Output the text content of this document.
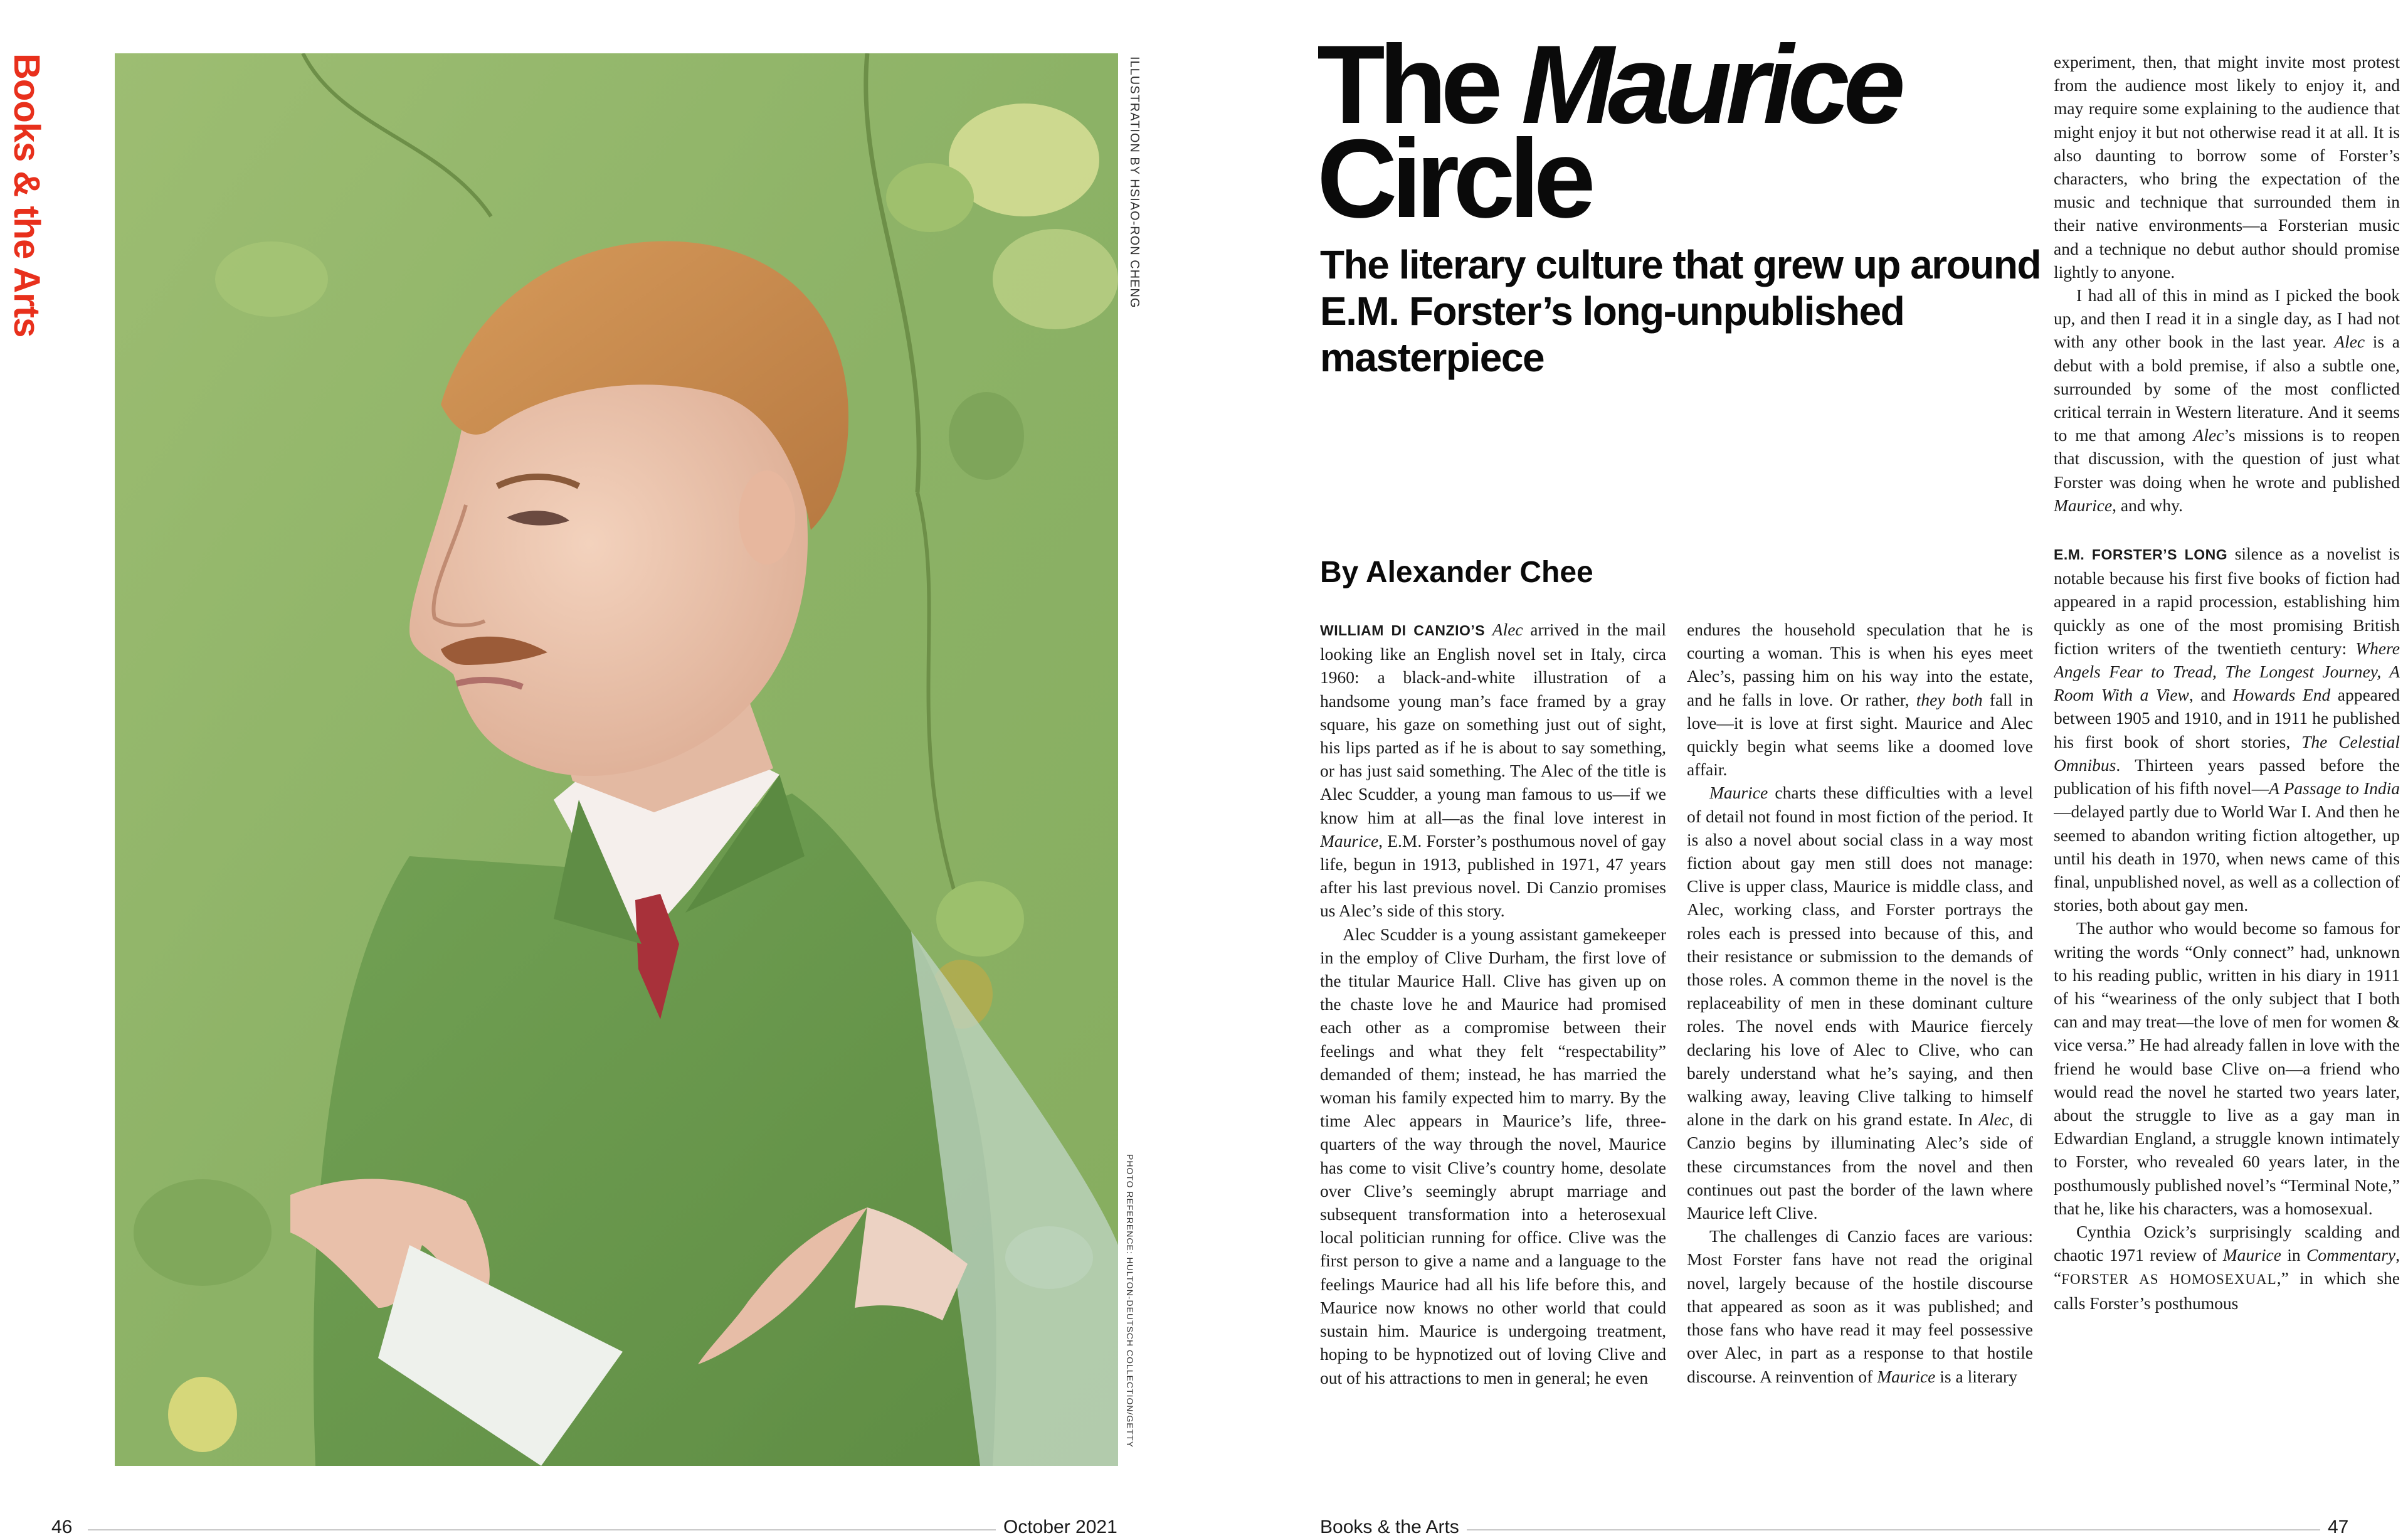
Books & the Arts	ILLUSTRATION BY HSIAO-RON CHENG
PHOTO REFERENCE: HULTON-DEUTSCH COLLECTION/GETTY
The Maurice
Circle
The literary culture that grew up around E.M. Forster’s long-unpublished masterpiece
By Alexander Chee

WILLIAM DI CANZIO’S Alec arrived in the mail looking like an English novel set in Italy, circa 1960: a black-and-white illustration of a handsome young man’s face framed by a gray square, his gaze on something just out of sight, his lips parted as if he is about to say something, or has just said something. The Alec of the title is Alec Scudder, a young man famous to us—if we know him at all—as the final love interest in Maurice, E.M. Forster’s posthumous novel of gay life, begun in 1913, published in 1971, 47 years after his last previous novel. Di Canzio promises us Alec’s side of this story.

Alec Scudder is a young assistant gamekeeper in the employ of Clive Durham, the first love of the titular Maurice Hall. Clive has given up on the chaste love he and Maurice had promised each other as a compromise between their feelings and what they felt “respectability” demanded of them; instead, he has married the woman his family expected him to marry. By the time Alec appears in Maurice’s life, three-quarters of the way through the novel, Maurice has come to visit Clive’s country home, desolate over Clive’s seemingly abrupt marriage and subsequent transformation into a heterosexual local politician running for office. Clive was the first person to give a name and a language to the feelings Maurice had all his life before this, and Maurice now knows no other world that could sustain him. Maurice is undergoing treatment, hoping to be hypnotized out of loving Clive and out of his attractions to men in general; he even

endures the household speculation that he is courting a woman. This is when his eyes meet Alec’s, passing him on his way into the estate, and he falls in love. Or rather, they both fall in love—it is love at first sight. Maurice and Alec quickly begin what seems like a doomed love affair.

Maurice charts these difficulties with a level of detail not found in most fiction of the period. It is also a novel about social class in a way most fiction about gay men still does not manage: Clive is upper class, Maurice is middle class, and Alec, working class, and Forster portrays the roles each is pressed into because of this, and their resistance or submission to the demands of those roles. A common theme in the novel is the replaceability of men in these dominant culture roles. The novel ends with Maurice fiercely declaring his love of Alec to Clive, who can barely understand what he’s saying, and then walking away, leaving Clive talking to himself alone in the dark on his grand estate. In Alec, di Canzio begins by illuminating Alec’s side of these circumstances from the novel and then continues out past the border of the lawn where Maurice left Clive.

The challenges di Canzio faces are various: Most Forster fans have not read the original novel, largely because of the hostile discourse that appeared as soon as it was published; and those fans who have read it may feel possessive over Alec, in part as a response to that hostile discourse. A reinvention of Maurice is a literary

experiment, then, that might invite most protest from the audience most likely to enjoy it, and may require some explaining to the audience that might enjoy it but not otherwise read it at all. It is also daunting to borrow some of Forster’s characters, who bring the expectation of the music and technique that surrounded them in their native environments—a Forsterian music and a technique no debut author should promise lightly to anyone.

I had all of this in mind as I picked the book up, and then I read it in a single day, as I had not with any other book in the last year. Alec is a debut with a bold premise, if also a subtle one, surrounded by some of the most conflicted critical terrain in Western literature. And it seems to me that among Alec’s missions is to reopen that discussion, with the question of just what Forster was doing when he wrote and published Maurice, and why.

E.M. FORSTER’S LONG silence as a novelist is notable because his first five books of fiction had appeared in a rapid procession, establishing him quickly as one of the most promising British fiction writers of the twentieth century: Where Angels Fear to Tread, The Longest Journey, A Room With a View, and Howards End appeared between 1905 and 1910, and in 1911 he published his first book of short stories, The Celestial Omnibus. Thirteen years passed before the publication of his fifth novel—A Passage to India—delayed partly due to World War I. And then he seemed to abandon writing fiction altogether, up until his death in 1970, when news came of this final, unpublished novel, as well as a collection of stories, both about gay men.

The author who would become so famous for writing the words “Only connect” had, unknown to his reading public, written in his diary in 1911 of his “weariness of the only subject that I both can and may treat—the love of men for women & vice versa.” He had already fallen in love with the friend he would base Clive on—a friend who would read the novel he started two years later, about the struggle to live as a gay man in Edwardian England, a struggle known intimately to Forster, who revealed 60 years later, in the posthumously published novel’s “Terminal Note,” that he, like his characters, was a homosexual.

Cynthia Ozick’s surprisingly scalding and chaotic 1971 review of Maurice in Commentary, “FORSTER AS HOMOSEXUAL,” in which she calls Forster’s posthumous

46	October 2021	Books & the Arts	47
